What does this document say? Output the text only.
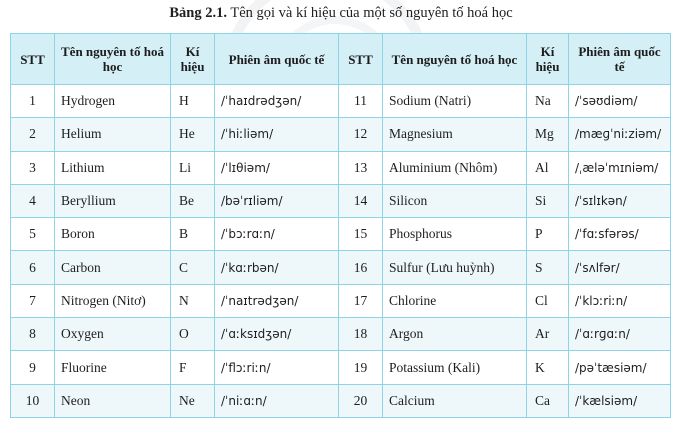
Bảng 2.1. Tên gọi và kí hiệu của một số nguyên tố hoá học
STT	Tên nguyên tố hoá học	Kí hiệu	Phiên âm quốc tế	STT	Tên nguyên tố hoá học	Kí hiệu	Phiên âm quốc tế
1	Hydrogen	H	/ˈhaɪdrədʒən/	11	Sodium (Natri)	Na	/ˈsəʊdiəm/
2	Helium	He	/ˈhiːliəm/	12	Magnesium	Mg	/mæɡˈniːziəm/
3	Lithium	Li	/ˈlɪθiəm/	13	Aluminium (Nhôm)	Al	/ˌæləˈmɪniəm/
4	Beryllium	Be	/bəˈrɪliəm/	14	Silicon	Si	/ˈsɪlɪkən/
5	Boron	B	/ˈbɔːrɑːn/	15	Phosphorus	P	/ˈfɑːsfərəs/
6	Carbon	C	/ˈkɑːrbən/	16	Sulfur (Lưu huỳnh)	S	/ˈsʌlfər/
7	Nitrogen (Nitơ)	N	/ˈnaɪtrədʒən/	17	Chlorine	Cl	/ˈklɔːriːn/
8	Oxygen	O	/ˈɑːksɪdʒən/	18	Argon	Ar	/ˈɑːrɡɑːn/
9	Fluorine	F	/ˈflɔːriːn/	19	Potassium (Kali)	K	/pəˈtæsiəm/
10	Neon	Ne	/ˈniːɑːn/	20	Calcium	Ca	/ˈkælsiəm/
